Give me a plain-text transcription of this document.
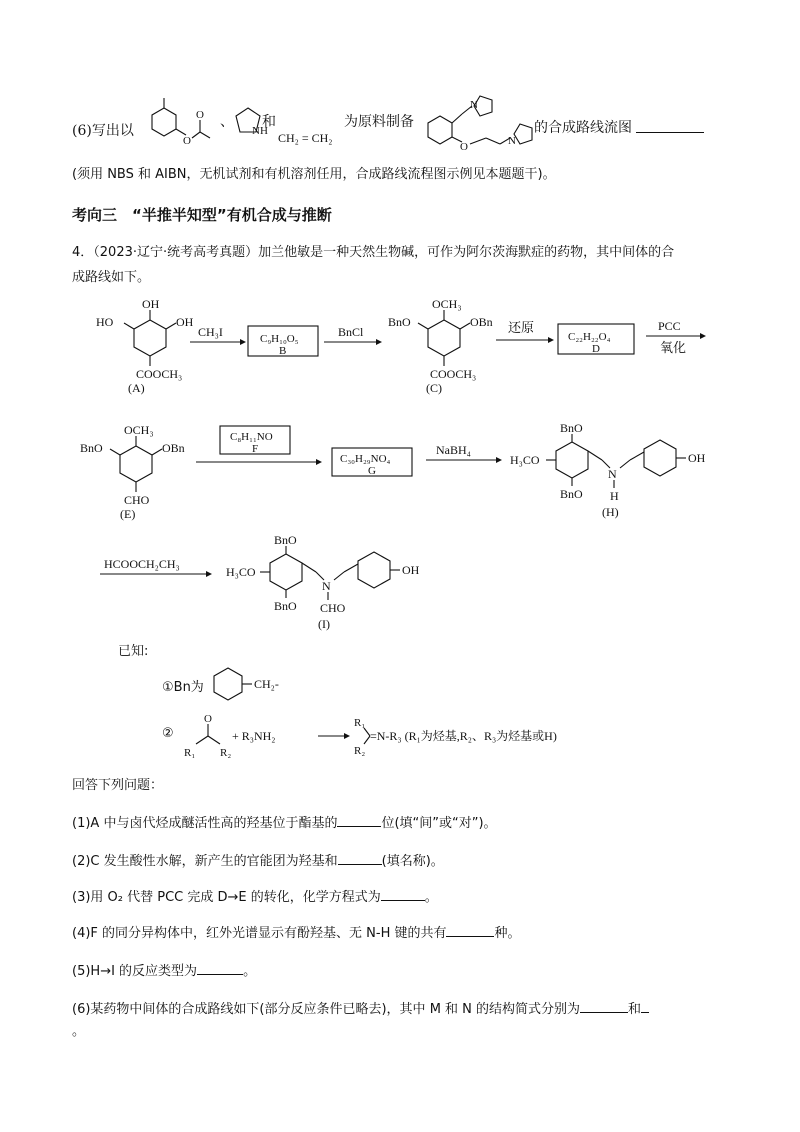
(6)写出以
O
O 、
NH
和
CH₂ = CH₂
为原料制备
N
O	N
的合成路线流图
(须用 NBS 和 AIBN，无机试剂和有机溶剂任用，合成路线流程图示例见本题题干)。
考向三　“半推半知型”有机合成与推断
4．（2023·辽宁·统考高考真题）加兰他敏是一种天然生物碱，可作为阿尔茨海默症的药物，其中间体的合
成路线如下。
OH
HO	OH
COOCH₃
(A)
CH₃I	C₉H₁₀O₅
B
BnCl
OCH₃
BnO	OBn
COOCH₃
(C)
还原
C₂₂H₂₂O₄
D
PCC
氧化
OCH₃
BnO	OBn
CHO
(E)
C₈H₁₁NO
F
C₃₀H₂₉NO₄
G
NaBH₄
BnO
H₃CO
BnO
N
H
OH
(H)
HCOOCH₂CH₃
BnO
H₃CO
BnO
N
CHO
OH
(I)
已知:
①Bn为	CH₂-
②
O
R₁ R₂
+ R₃NH₂
R₁
R₂
=N-R₃ (R₁为烃基,R₂、R₃为烃基或H)
回答下列问题：
(1)A 中与卤代烃成醚活性高的羟基位于酯基的	位(填“间”或“对”)。
(2)C 发生酸性水解，新产生的官能团为羟基和	(填名称)。
(3)用 O₂ 代替 PCC 完成 D→E 的转化，化学方程式为	。
(4)F 的同分异构体中，红外光谱显示有酚羟基、无 N-H 键的共有	种。
(5)H→I 的反应类型为	。
(6)某药物中间体的合成路线如下(部分反应条件已略去)，其中 M 和 N 的结构简式分别为	和
。
